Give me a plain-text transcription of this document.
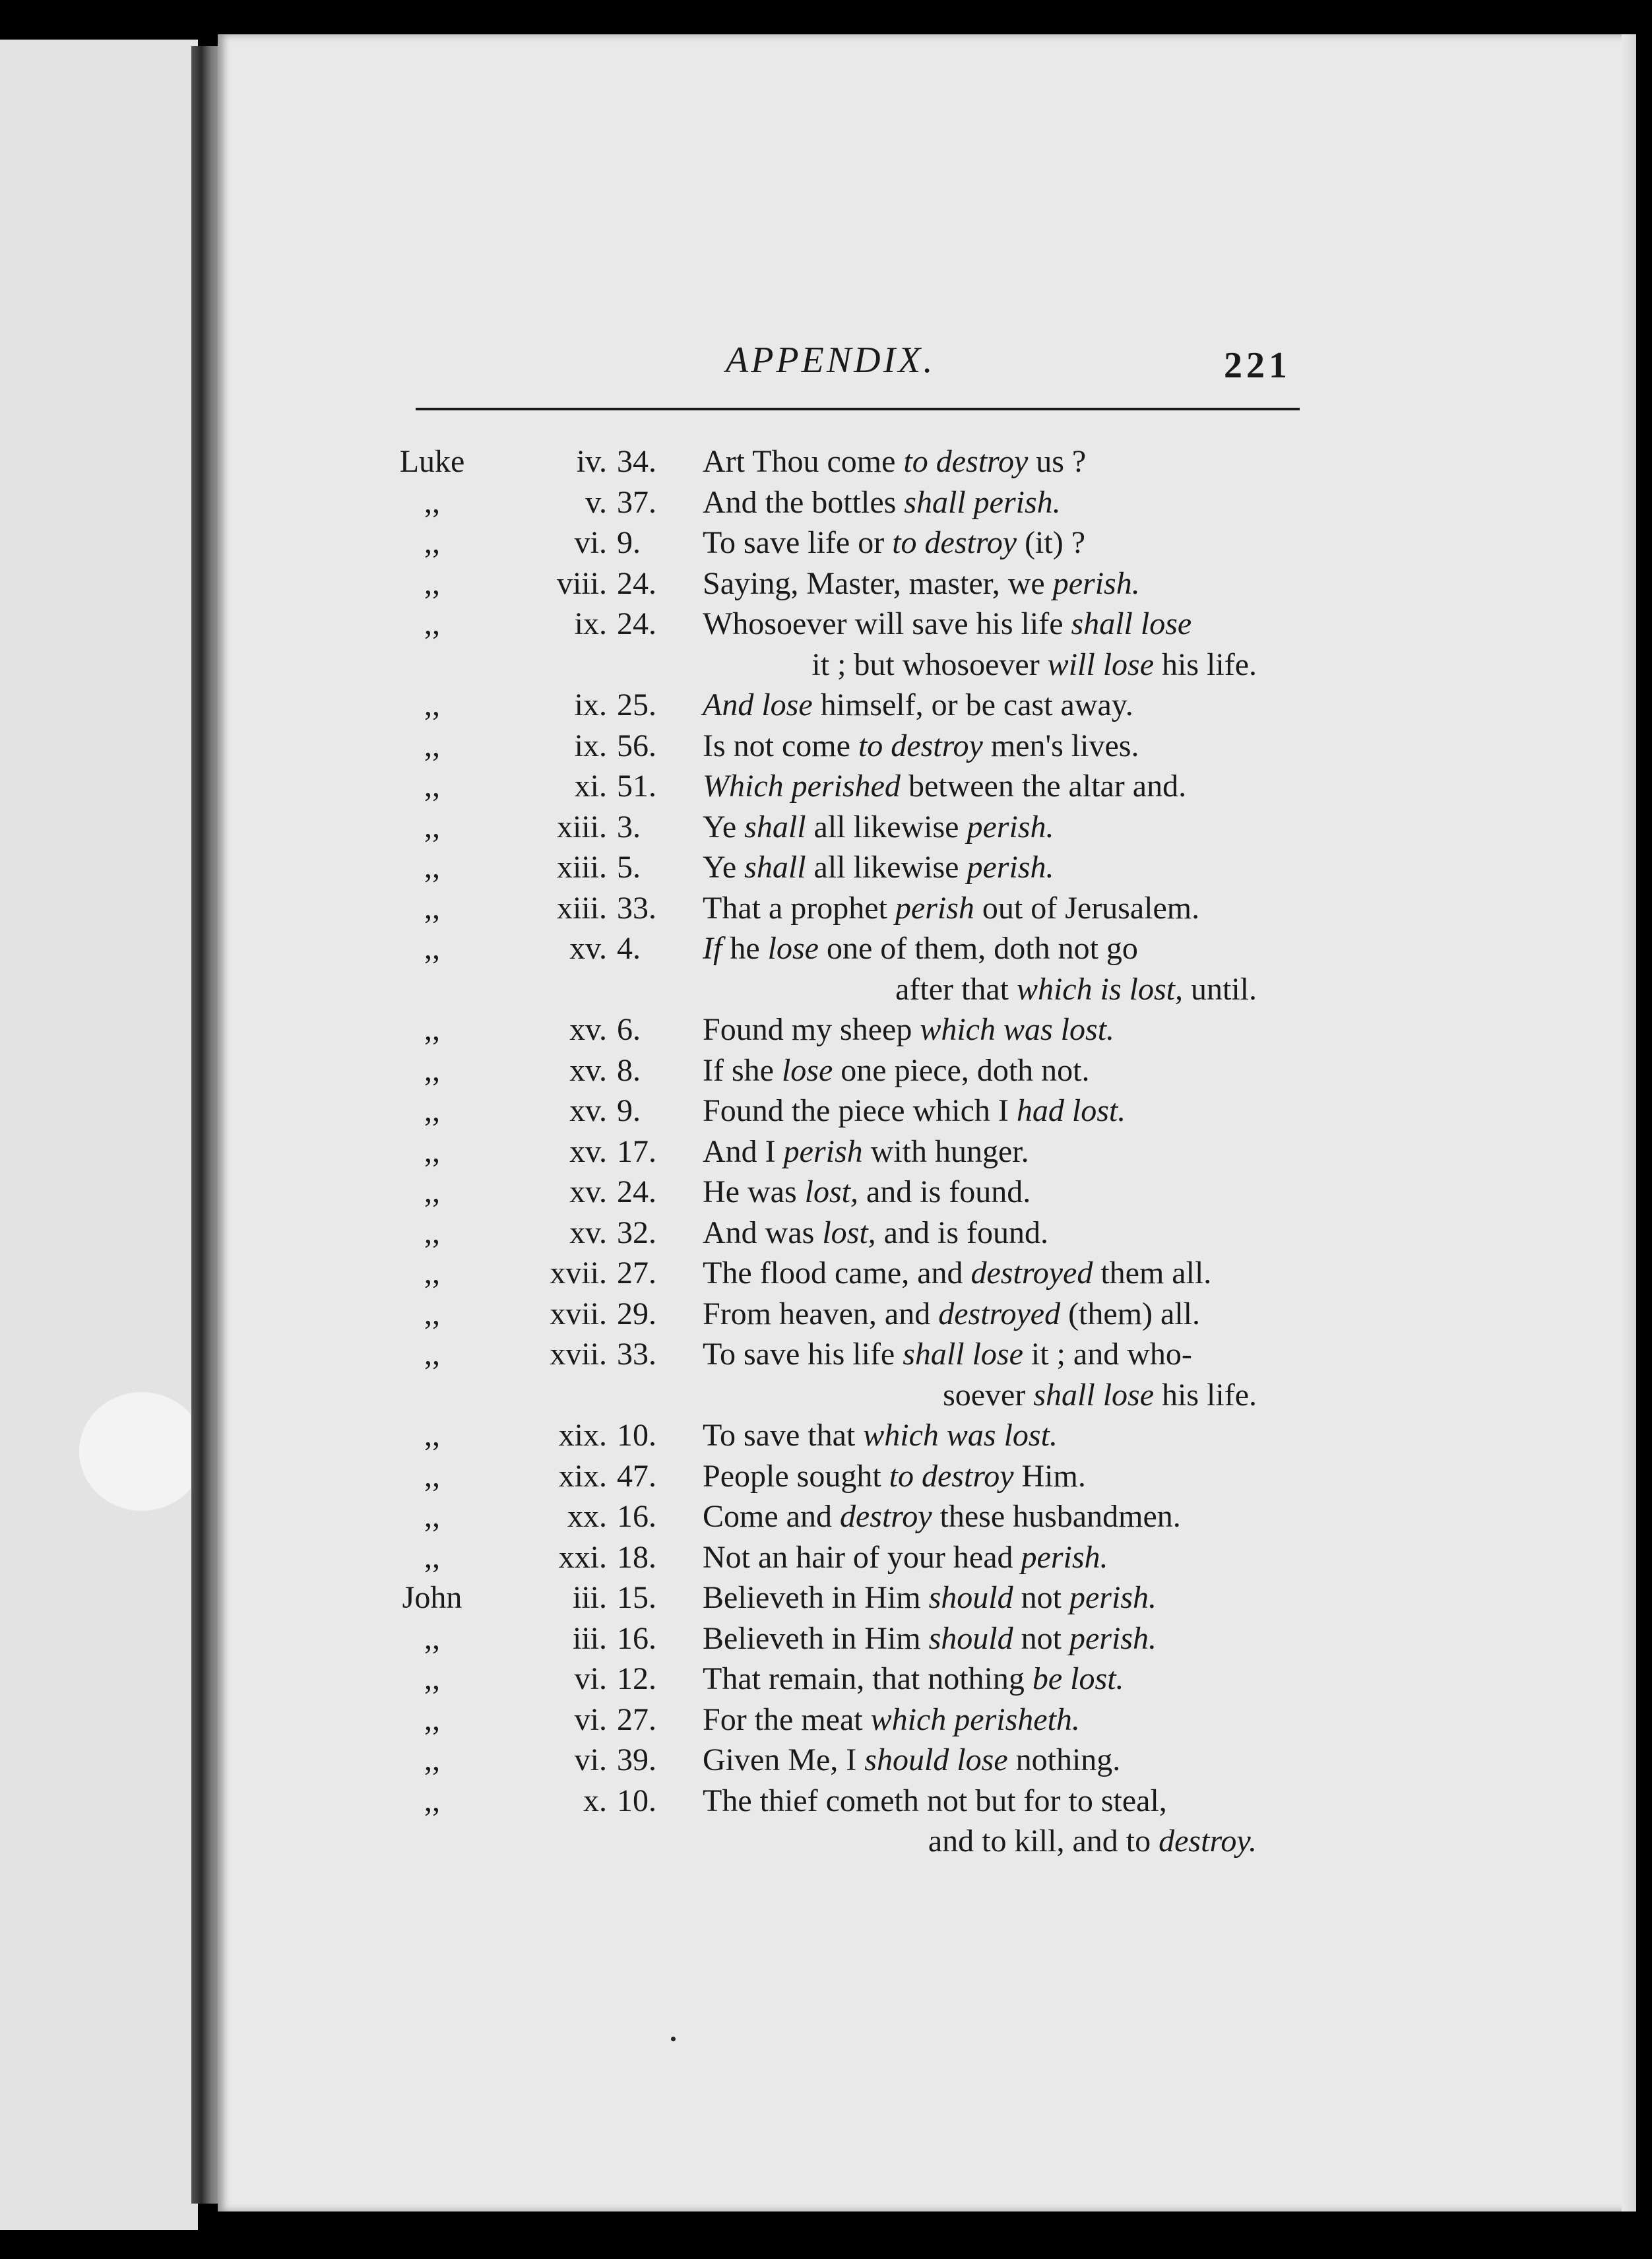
APPENDIX.	221
Luke	iv. 34.	Art Thou come to destroy us ?
,,	v. 37.	And the bottles shall perish.
,,	vi. 9.	To save life or to destroy (it) ?
,,	viii. 24.	Saying, Master, master, we perish.
,,	ix. 24.	Whosoever will save his life shall lose
it ; but whosoever will lose his life.
,,	ix. 25.	And lose himself, or be cast away.
,,	ix. 56.	Is not come to destroy men's lives.
,,	xi. 51.	Which perished between the altar and.
,,	xiii. 3.	Ye shall all likewise perish.
,,	xiii. 5.	Ye shall all likewise perish.
,,	xiii. 33.	That a prophet perish out of Jerusalem.
,,	xv. 4.	If he lose one of them, doth not go
after that which is lost, until.
,,	xv. 6.	Found my sheep which was lost.
,,	xv. 8.	If she lose one piece, doth not.
,,	xv. 9.	Found the piece which I had lost.
,,	xv. 17.	And I perish with hunger.
,,	xv. 24.	He was lost, and is found.
,,	xv. 32.	And was lost, and is found.
,,	xvii. 27.	The flood came, and destroyed them all.
,,	xvii. 29.	From heaven, and destroyed (them) all.
,,	xvii. 33.	To save his life shall lose it ; and who-
soever shall lose his life.
,,	xix. 10.	To save that which was lost.
,,	xix. 47.	People sought to destroy Him.
,,	xx. 16.	Come and destroy these husbandmen.
,,	xxi. 18.	Not an hair of your head perish.
John	iii. 15.	Believeth in Him should not perish.
,,	iii. 16.	Believeth in Him should not perish.
,,	vi. 12.	That remain, that nothing be lost.
,,	vi. 27.	For the meat which perisheth.
,,	vi. 39.	Given Me, I should lose nothing.
,,	x. 10.	The thief cometh not but for to steal,
and to kill, and to destroy.
